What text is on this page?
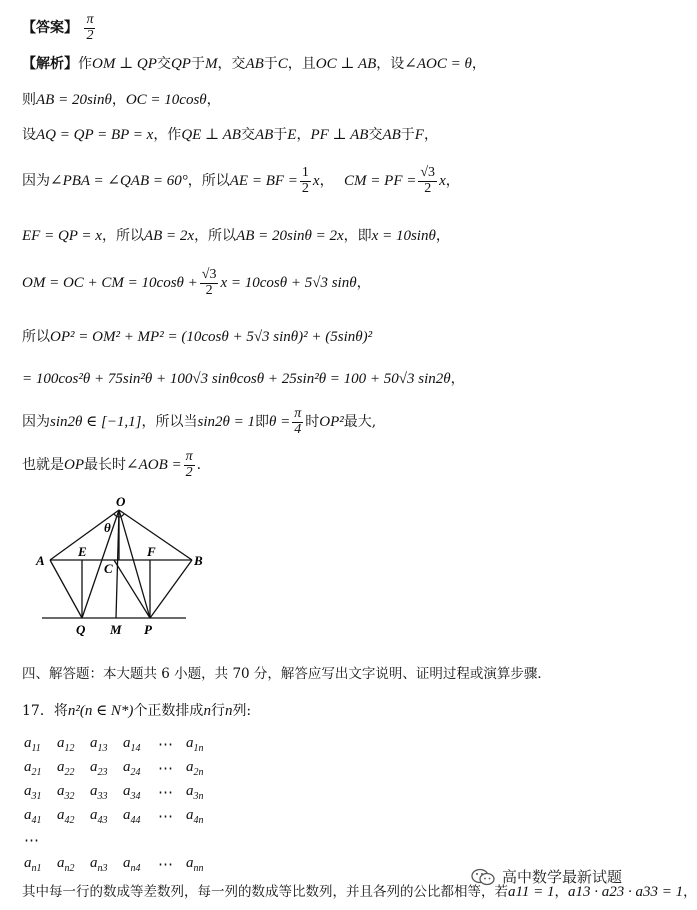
【答案】 $\frac{\pi}{2}$
【解析】作OM ⊥ QP交QP于M，交AB于C，且OC ⊥ AB，设∠AOC = θ，
则AB = 20sinθ，OC = 10cosθ，
设AQ = QP = BP = x，作QE ⊥ AB交AB于E，PF ⊥ AB交AB于F，
因为∠PBA = ∠QAB = 60°，所以AE = BF = $\frac{1}{2}$ x， CM = PF = $\frac{√3}{2}$ x，
EF = QP = x，所以AB = 2x，所以AB = 20sinθ = 2x，即x = 10sinθ，
OM = OC + CM = $10\cos\theta + \frac{√3}{2}$ x = 10cosθ + 5√3 sinθ，
所以OP² = OM² + MP² = (10cosθ + 5√3 sinθ)² + (5sinθ)²
= 100cos²θ + 75sin²θ + 100√3 sinθcosθ + 25sin²θ = 100 + 50√3 sin2θ，
因为sin2θ ∈ [−1,1]，所以当sin2θ = 1即$\theta = \frac{\pi}{4}$ 时OP²最大,
也就是OP最长时∠AOB = $\frac{\pi}{2}$ .
O
θ
A	B
E	F
C
Q M P
四、解答题：本大题共 6 小题，共 70 分，解答应写出文字说明、证明过程或演算步骤．
17．将n²(n ∈ N*)个正数排成n行n列:
$a_{11}$ $a_{12}$ $a_{13}$ $a_{14}$ ⋯ $a_{1n}$
$a_{21}$ $a_{22}$ $a_{23}$ $a_{24}$ ⋯ $a_{2n}$
$a_{31}$ $a_{32}$ $a_{33}$ $a_{34}$ ⋯ $a_{3n}$
$a_{41}$ $a_{42}$ $a_{43}$ $a_{44}$ ⋯ $a_{4n}$
⋯
$a_{n1}$ $a_{n2}$ $a_{n3}$ $a_{n4}$ ⋯ $a_{nn}$
其中每一行的数成等差数列，每一列的数成等比数列，并且各列的公比都相等，若a11 = 1，a13 · a23 · a33 = 1，
高中数学最新试题
